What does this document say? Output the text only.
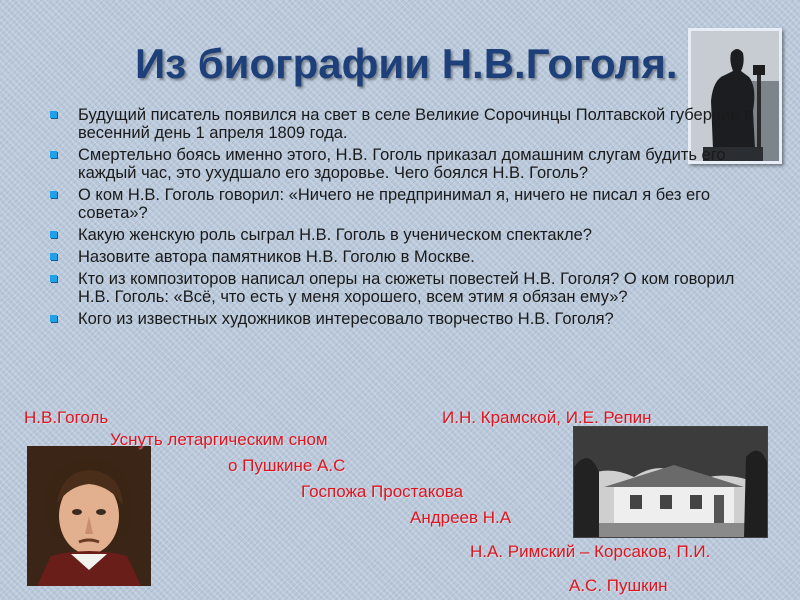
Из биографии Н.В.Гоголя.
Будущий писатель появился на свет в селе Великие Сорочинцы Полтавской губернии в весенний день 1 апреля 1809 года.
Смертельно боясь именно этого, Н.В. Гоголь приказал домашним слугам будить его каждый час, это ухудшало его здоровье. Чего боялся Н.В. Гоголь?
О ком Н.В. Гоголь говорил: «Ничего не предпринимал я, ничего не писал я без его совета»?
Какую женскую роль сыграл Н.В. Гоголь в ученическом спектакле?
Назовите автора памятников Н.В. Гоголю в Москве.
Кто из композиторов написал оперы на сюжеты повестей Н.В. Гоголя? О ком говорил Н.В. Гоголь: «Всё, что есть у меня хорошего, всем этим я обязан ему»?
Кого из известных художников интересовало творчество Н.В. Гоголя?
Н.В.Гоголь	И.Н. Крамской, И.Е. Репин
Уснуть летаргическим сном
о Пушкине А.С
Госпожа Простакова
Андреев Н.А
Н.А. Римский – Корсаков, П.И.
А.С. Пушкин
